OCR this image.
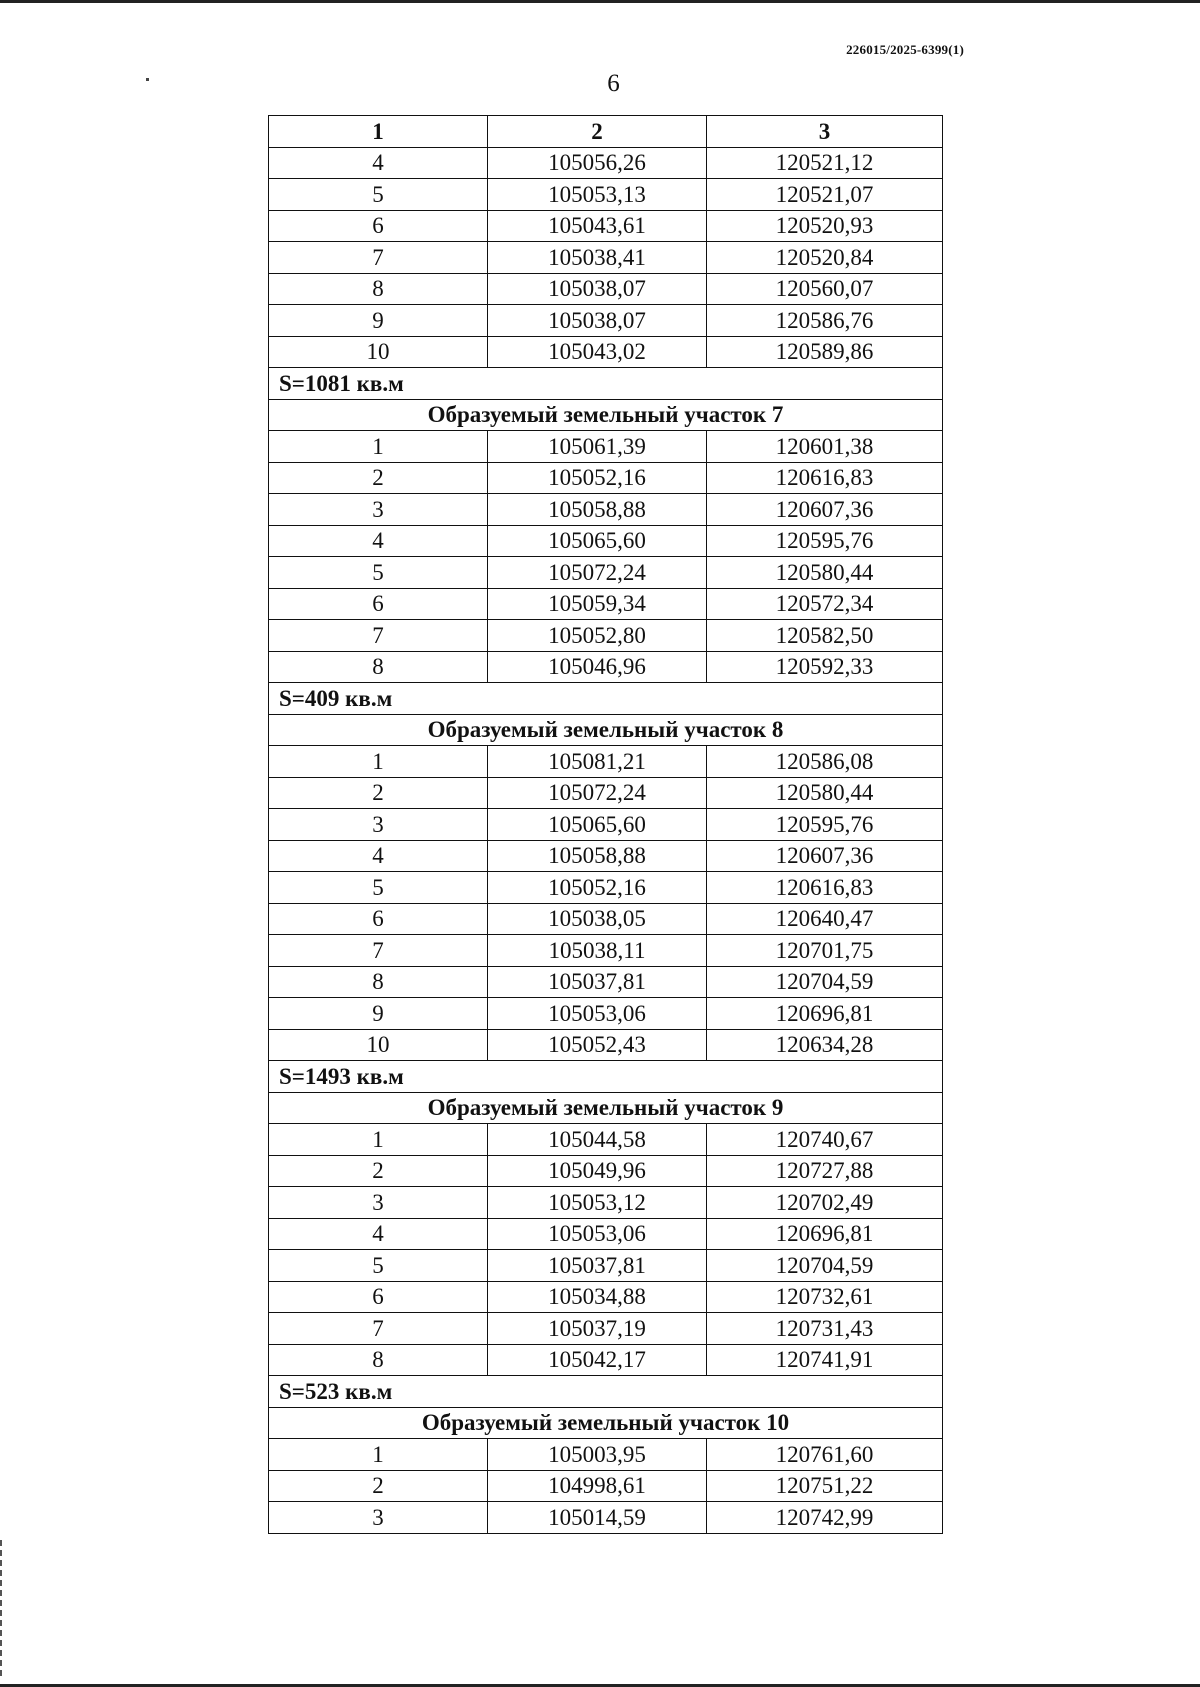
226015/2025-6399(1)
6
1	2	3
4	105056,26	120521,12
5	105053,13	120521,07
6	105043,61	120520,93
7	105038,41	120520,84
8	105038,07	120560,07
9	105038,07	120586,76
10	105043,02	120589,86
S=1081 кв.м		
Образуемый земельный участок 7		
1	105061,39	120601,38
2	105052,16	120616,83
3	105058,88	120607,36
4	105065,60	120595,76
5	105072,24	120580,44
6	105059,34	120572,34
7	105052,80	120582,50
8	105046,96	120592,33
S=409 кв.м		
Образуемый земельный участок 8		
1	105081,21	120586,08
2	105072,24	120580,44
3	105065,60	120595,76
4	105058,88	120607,36
5	105052,16	120616,83
6	105038,05	120640,47
7	105038,11	120701,75
8	105037,81	120704,59
9	105053,06	120696,81
10	105052,43	120634,28
S=1493 кв.м		
Образуемый земельный участок 9		
1	105044,58	120740,67
2	105049,96	120727,88
3	105053,12	120702,49
4	105053,06	120696,81
5	105037,81	120704,59
6	105034,88	120732,61
7	105037,19	120731,43
8	105042,17	120741,91
S=523 кв.м		
Образуемый земельный участок 10		
1	105003,95	120761,60
2	104998,61	120751,22
3	105014,59	120742,99
